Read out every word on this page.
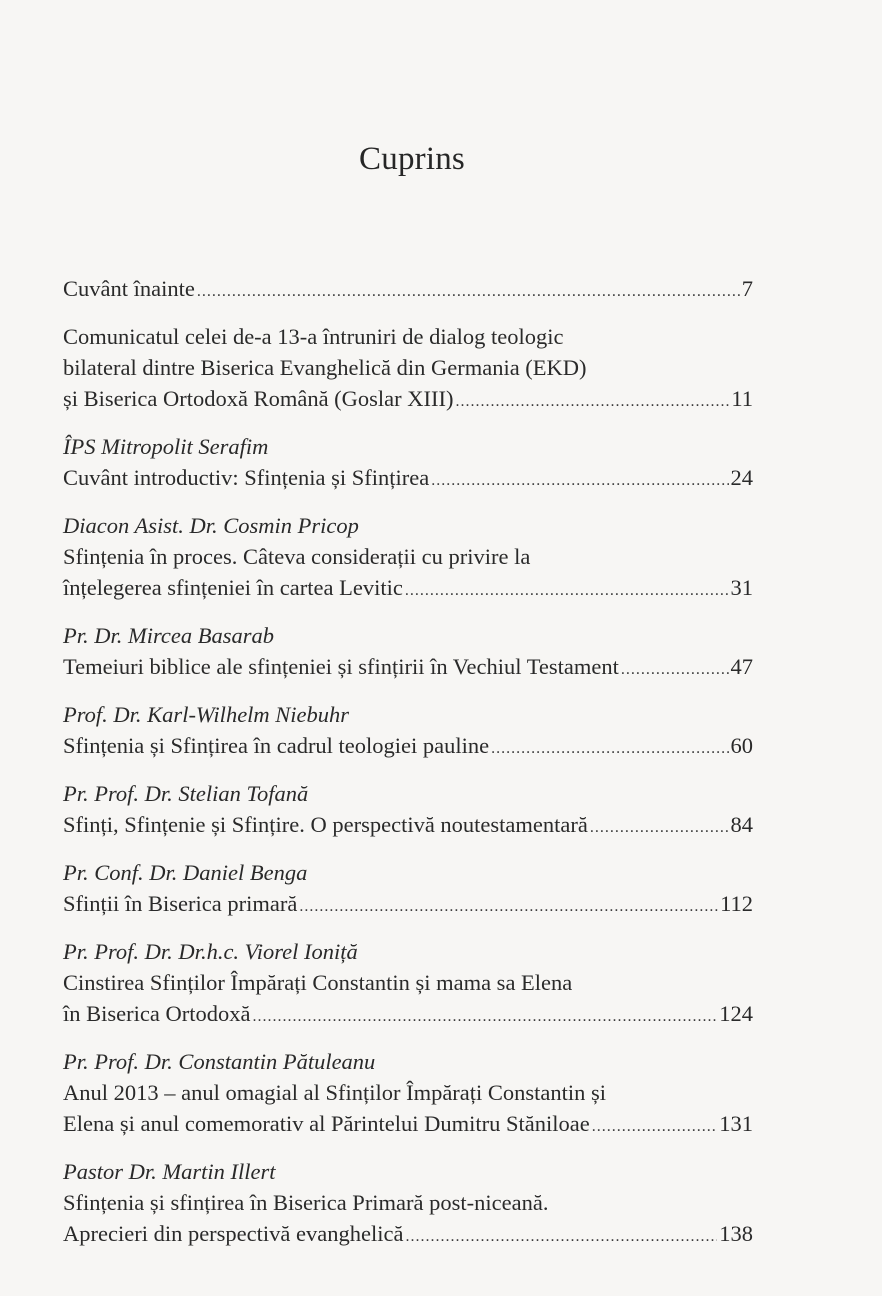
Cuprins
Cuvânt înainte .....	7
Comunicatul celei de-a 13-a întruniri de dialog teologic
bilateral dintre Biserica Evanghelică din Germania (EKD)
și Biserica Ortodoxă Română (Goslar XIII) .....	11
ÎPS Mitropolit Serafim
Cuvânt introductiv: Sfințenia și Sfințirea .....	24
Diacon Asist. Dr. Cosmin Pricop
Sfințenia în proces. Câteva considerații cu privire la
înțelegerea sfințeniei în cartea Levitic .....	31
Pr. Dr. Mircea Basarab
Temeiuri biblice ale sfințeniei și sfințirii în Vechiul Testament .....	47
Prof. Dr. Karl-Wilhelm Niebuhr
Sfințenia și Sfințirea în cadrul teologiei pauline .....	60
Pr. Prof. Dr. Stelian Tofană
Sfinți, Sfințenie și Sfințire. O perspectivă noutestamentară .....	84
Pr. Conf. Dr. Daniel Benga
Sfinții în Biserica primară .....	112
Pr. Prof. Dr. Dr.h.c. Viorel Ioniță
Cinstirea Sfinților Împărați Constantin și mama sa Elena
în Biserica Ortodoxă .....	124
Pr. Prof. Dr. Constantin Pătuleanu
Anul 2013 – anul omagial al Sfinților Împărați Constantin și
Elena și anul comemorativ al Părintelui Dumitru Stăniloae .....	131
Pastor Dr. Martin Illert
Sfințenia și sfințirea în Biserica Primară post-niceană.
Aprecieri din perspectivă evanghelică .....	138
